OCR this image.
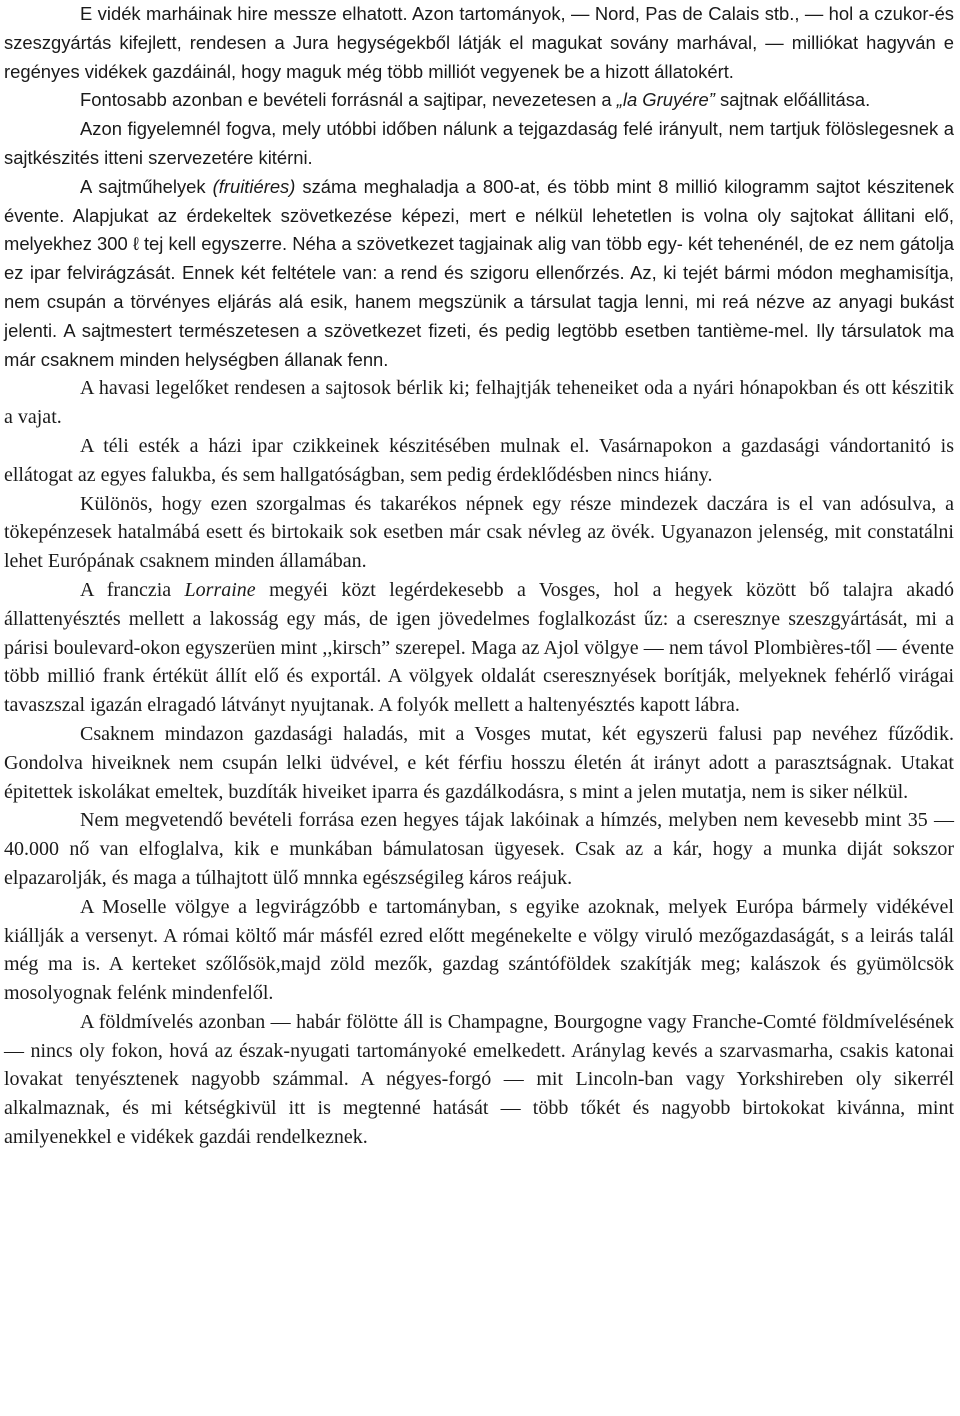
E vidék marháinak hire messze elhatott. Azon tartományok, — Nord, Pas de Calais stb., — hol a czukor-és szeszgyártás kifejlett, rendesen a Jura hegységekből látják el magukat sovány marhával, — milliókat hagyván e regényes vidékek gazdáinál, hogy maguk még több milliót vegyenek be a hizott állatokért.

Fontosabb azonban e bevételi forrásnál a sajtipar, nevezetesen a „la Gruyére” sajtnak előállitása.

Azon figyelemnél fogva, mely utóbbi időben nálunk a tejgazdaság felé irányult, nem tartjuk fölöslegesnek a sajtkészités itteni szervezetére kitérni.

A sajtműhelyek (fruitiéres) száma meghaladja a 800-at, és több mint 8 millió kilogramm sajtot készitenek évente. Alapjukat az érdekeltek szövetkezése képezi, mert e nélkül lehetetlen is volna oly sajtokat állitani elő, melyekhez 300 ℓ tej kell egyszerre. Néha a szövetkezet tagjainak alig van több egy- két tehenénél, de ez nem gátolja ez ipar felvirágzását. Ennek két feltétele van: a rend és szigoru ellenőrzés. Az, ki tejét bármi módon meghamisítja, nem csupán a törvényes eljárás alá esik, hanem megszünik a társulat tagja lenni, mi reá nézve az anyagi bukást jelenti. A sajtmestert természetesen a szövetkezet fizeti, és pedig legtöbb esetben tantième-mel. Ily társulatok ma már csaknem minden helységben állanak fenn.

A havasi legelőket rendesen a sajtosok bérlik ki; felhajtják teheneiket oda a nyári hónapokban és ott készitik a vajat.

A téli esték a házi ipar czikkeinek készitésében mulnak el. Vasárnapokon a gazdasági vándortanitó is ellátogat az egyes falukba, és sem hallgatóságban, sem pedig érdeklődésben nincs hiány.

Különös, hogy ezen szorgalmas és takarékos népnek egy része mindezek daczára is el van adósulva, a tökepénzesek hatalmábá esett és birtokaik sok esetben már csak névleg az övék. Ugyanazon jelenség, mit constatálni lehet Európának csaknem minden államában.

A franczia Lorraine megyéi közt legérdekesebb a Vosges, hol a hegyek között bő talajra akadó állattenyésztés mellett a lakosság egy más, de igen jövedelmes foglalkozást űz: a cseresznye szeszgyártását, mi a párisi boulevard-okon egyszerüen mint ,,kirsch” szerepel. Maga az Ajol völgye — nem távol Plombières-től — évente több millió frank értéküt állít elő és exportál. A völgyek oldalát cseresznyések borítják, melyeknek fehérlő virágai tavaszszal igazán elragadó látványt nyujtanak. A folyók mellett a haltenyésztés kapott lábra.

Csaknem mindazon gazdasági haladás, mit a Vosges mutat, két egyszerü falusi pap nevéhez fűződik. Gondolva hiveiknek nem csupán lelki üdvével, e két férfiu hosszu életén át irányt adott a parasztságnak. Utakat épitettek iskolákat emeltek, buzdíták hiveiket iparra és gazdálkodásra, s mint a jelen mutatja, nem is siker nélkül.

Nem megvetendő bevételi forrása ezen hegyes tájak lakóinak a hímzés, melyben nem kevesebb mint 35 — 40.000 nő van elfoglalva, kik e munkában bámulatosan ügyesek. Csak az a kár, hogy a munka diját sokszor elpazarolják, és maga a túlhajtott ülő mnnka egészségileg káros reájuk.

A Moselle völgye a legvirágzóbb e tartományban, s egyike azoknak, melyek Európa bármely vidékével kiállják a versenyt. A római költő már másfél ezred előtt megénekelte e völgy viruló mezőgazdaságát, s a leirás talál még ma is. A kerteket szőlősök,majd zöld mezők, gazdag szántóföldek szakítják meg; kalászok és gyümölcsök mosolyognak felénk mindenfelől.

A földmívelés azonban — habár fölötte áll is Champagne, Bourgogne vagy Franche-Comté földmívelésének — nincs oly fokon, hová az észak-nyugati tartományoké emelkedett. Aránylag kevés a szarvasmarha, csakis katonai lovakat tenyésztenek nagyobb számmal. A négyes-forgó — mit Lincoln-ban vagy Yorkshireben oly sikerrél alkalmaznak, és mi kétségkivül itt is megtenné hatását — több tőkét és nagyobb birtokokat kivánna, mint amilyenekkel e vidékek gazdái rendelkeznek.
